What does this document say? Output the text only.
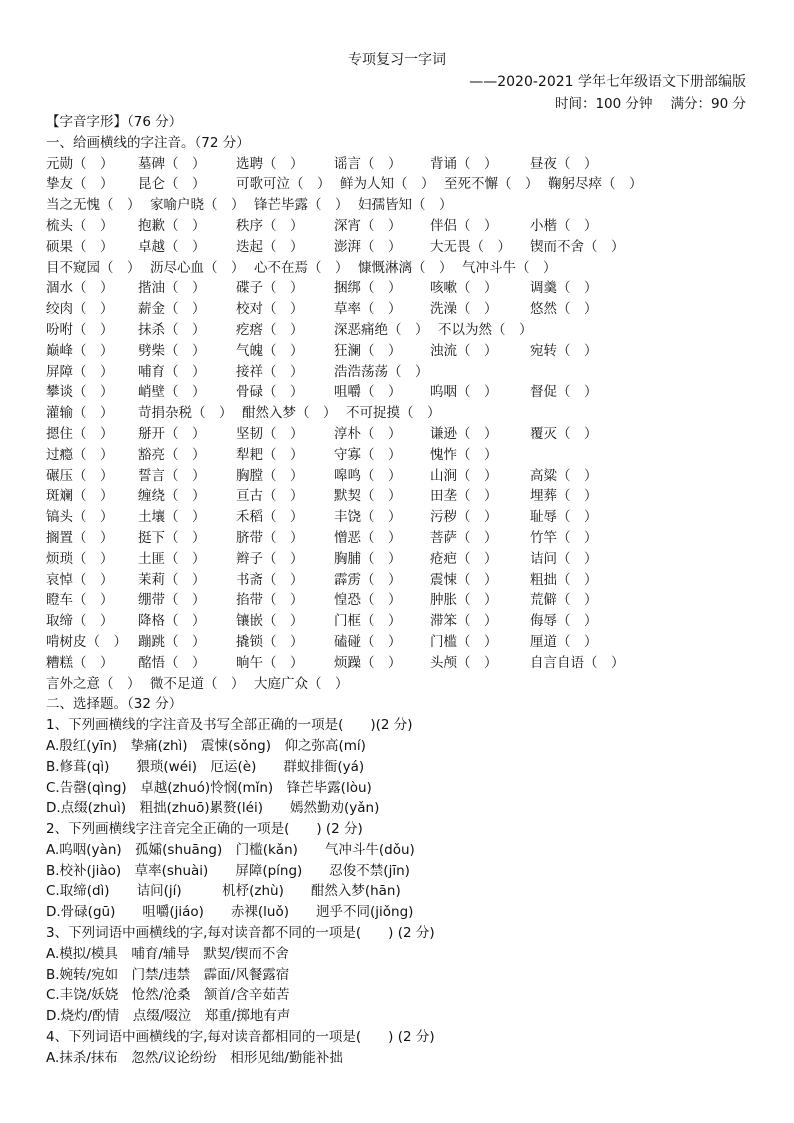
专项复习一字词
——2020-2021 学年七年级语文下册部编版
时间：100 分钟 满分：90 分
【字音字形】（76 分）
一、给画横线的字注音。（72 分）
元勋（　） 墓碑（　） 选聘（　） 谣言（　） 背诵（　） 昼夜（　）
挚友（　） 昆仑（　） 可歌可泣（　） 鲜为人知（　） 至死不懈（　） 鞠躬尽瘁（　）
当之无愧（　） 家喻户晓（　） 锋芒毕露（　） 妇孺皆知（　）
梳头（　） 抱歉（　） 秩序（　） 深宵（　） 伴侣（　） 小楷（　）
硕果（　） 卓越（　） 迭起（　） 澎湃（　） 大无畏（　） 锲而不舍（　）
目不窥园（　） 沥尽心血（　） 心不在焉（　） 慷慨淋漓（　） 气冲斗牛（　）
涸水（　） 揩油（　） 碟子（　） 捆绑（　） 咳嗽（　） 调羹（　）
绞肉（　） 薪金（　） 校对（　） 草率（　） 洗澡（　） 悠然（　）
吩咐（　） 抹杀（　） 疙瘩（　） 深恶痛绝（　） 不以为然（　）
巅峰（　） 劈柴（　） 气魄（　） 狂澜（　） 浊流（　） 宛转（　）
屏障（　） 哺育（　） 接祥（　） 浩浩荡荡（　）
攀谈（　） 峭壁（　） 骨碌（　） 咀嚼（　） 呜咽（　） 督促（　）
灌输（　） 苛捐杂税（　） 酣然入梦（　） 不可捉摸（　）
摁住（　） 掰开（　） 坚韧（　） 淳朴（　） 谦逊（　） 覆灭（　）
过瘾（　） 豁亮（　） 犁耙（　） 守寡（　） 愧怍（　）
碾压（　） 誓言（　） 胸膛（　） 嗥鸣（　） 山涧（　） 高粱（　）
斑斓（　） 缠绕（　） 亘古（　） 默契（　） 田垄（　） 埋葬（　）
镐头（　） 土壤（　） 禾稻（　） 丰饶（　） 污秽（　） 耻辱（　）
搁置（　） 挺下（　） 脐带（　） 憎恶（　） 菩萨（　） 竹竿（　）
烦琐（　） 土匪（　） 辫子（　） 胸脯（　） 疮疤（　） 诘问（　）
哀悼（　） 茉莉（　） 书斋（　） 霹雳（　） 震悚（　） 粗拙（　）
瞪车（　） 绷带（　） 掐带（　） 惶恐（　） 肿胀（　） 荒僻（　）
取缔（　） 降格（　） 镶嵌（　） 门框（　） 滞笨（　） 侮辱（　）
啃树皮（　） 蹦跳（　） 撬锁（　） 磕碰（　） 门槛（　） 厘道（　）
糟糕（　） 酩悟（　） 晌午（　） 烦躁（　） 头颅（　） 自言自语（　）
言外之意（　） 微不足道（　） 大庭广众（　）
二、选择题。（32 分）
1、下列画横线的字注音及书写全部正确的一项是(　　)(2 分)
A.殷红(yīn)　挚痛(zhì)　震悚(sǒng)　仰之弥高(mí)
B.修葺(qì)　　猥琐(wéi)　厄运(è)　　群蚁排衙(yá)
C.告罄(qìng)　卓越(zhuó)怜悯(mǐn)　锋芒毕露(lòu)
D.点缀(zhuì)　粗拙(zhuō)累赘(léi)　　嫣然勤劝(yǎn)
2、下列画横线字注音完全正确的一项是(　　) (2 分)
A.呜咽(yàn)　孤孀(shuāng)　门槛(kǎn)　　气冲斗牛(dǒu)
B.校补(jiào)　草率(shuài)　　屏障(píng)　　忍俊不禁(jīn)
C.取缔(dì)　　诘问(jí)　　　机杼(zhù)　　酣然入梦(hān)
D.骨碌(gū)　　咀嚼(jiáo)　　赤裸(luǒ)　　迥乎不同(jiǒng)
3、下列词语中画横线的字,每对读音都不同的一项是(　　) (2 分)
A.模拟/模具　哺育/辅导　默契/锲而不舍
B.婉转/宛如　门禁/违禁　霹面/风餐露宿
C.丰饶/妖娆　怆然/沧桑　颔首/含辛茹苦
D.烧灼/酌情　点缀/啜泣　郑重/掷地有声
4、下列词语中画横线的字,每对读音都相同的一项是(　　) (2 分)
A.抹杀/抹布　忽然/议论纷纷　相形见绌/勤能补拙
